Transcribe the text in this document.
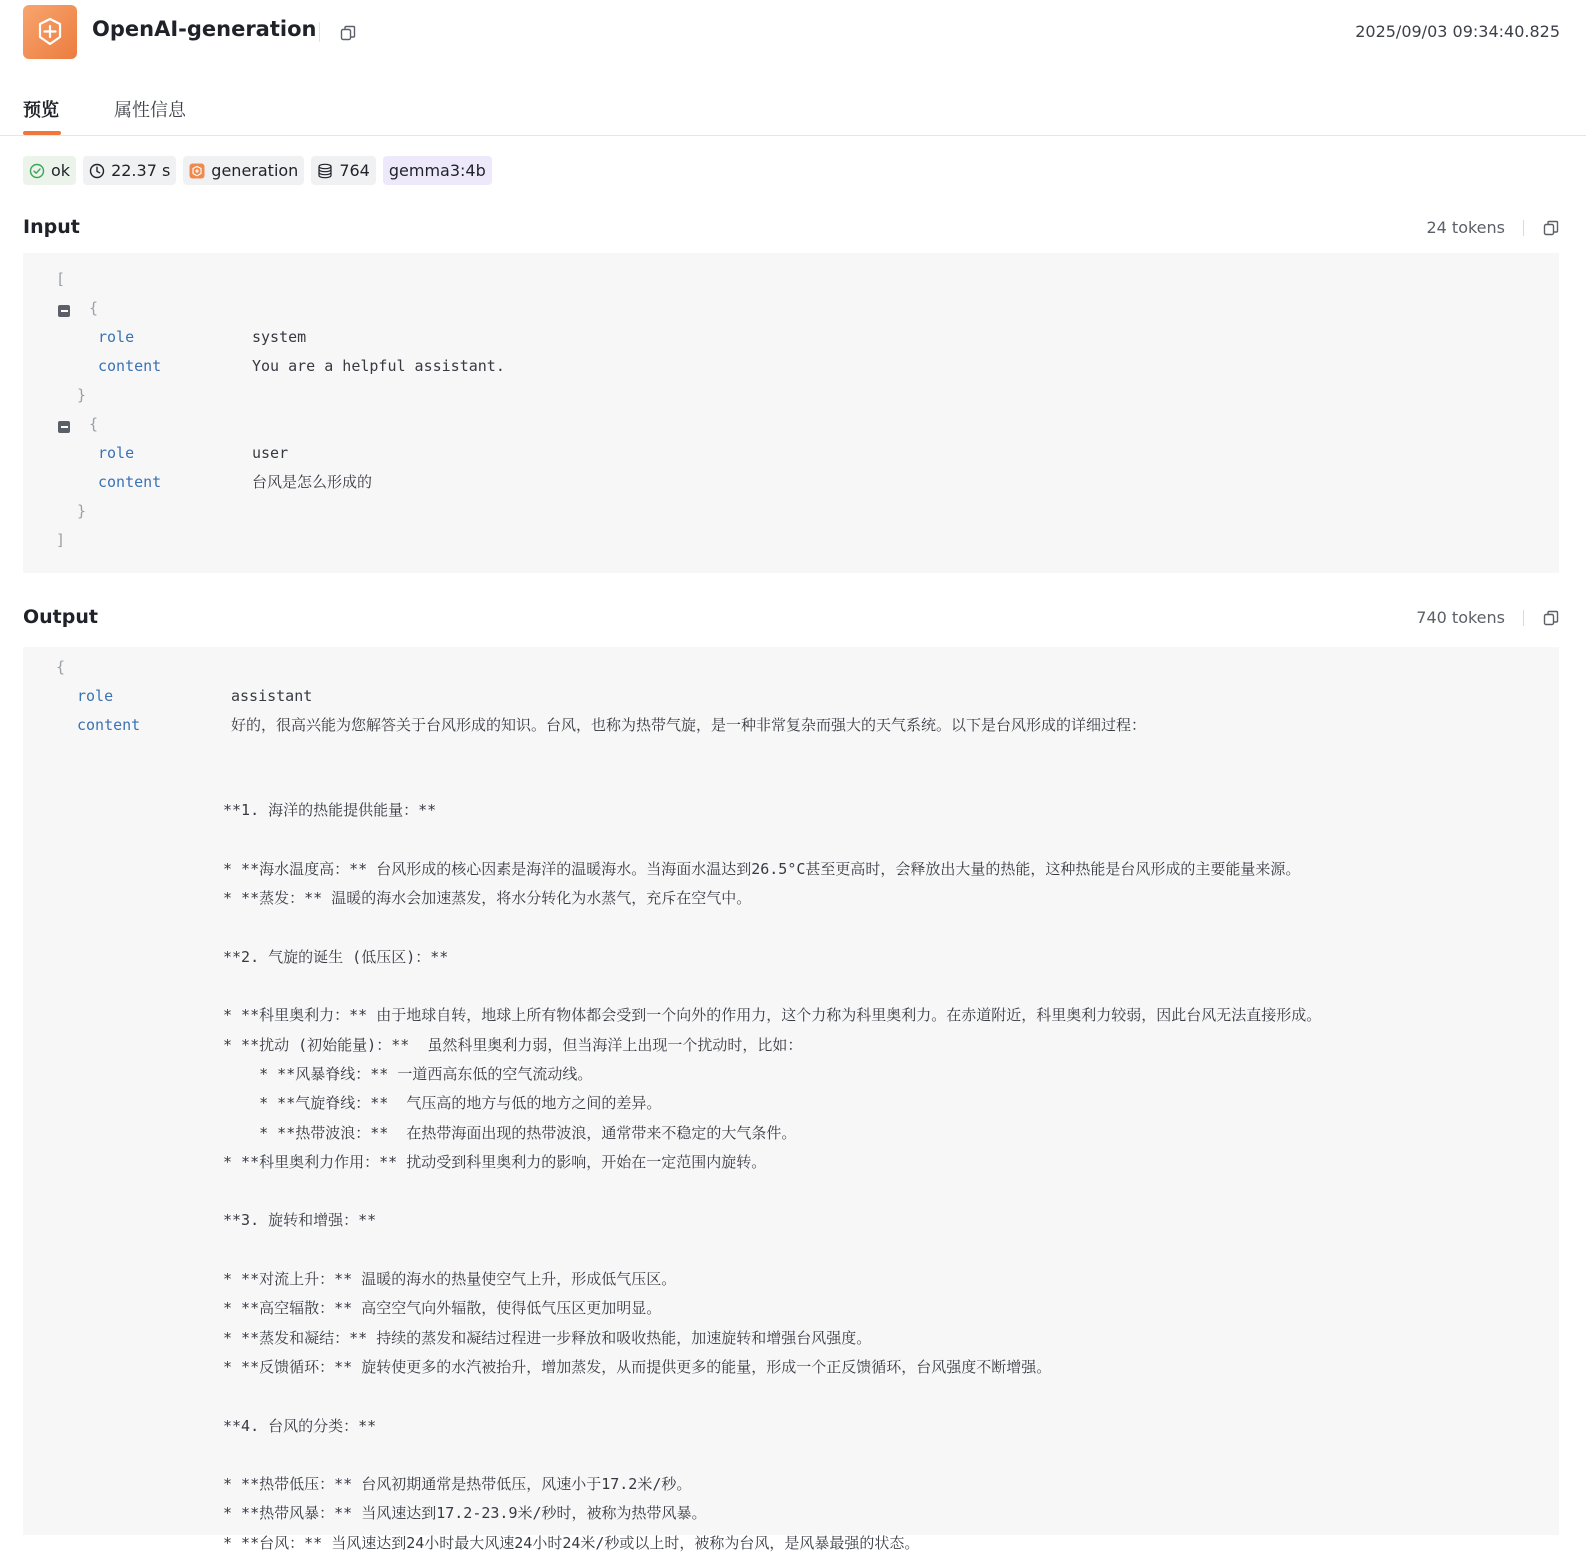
OpenAI-generation	2025/09/03 09:34:40.825
预览	属性信息
ok	22.37 s	generation	764 gemma3:4b
Input	24 tokens
[
{
role	system
content	You are a helpful assistant.
}
{
role	user
content	台风是怎么形成的
}
]
Output	740 tokens
{
role	assistant
content	好的，很高兴能为您解答关于台风形成的知识。台风，也称为热带气旋，是一种非常复杂而强大的天气系统。以下是台风形成的详细过程：
**1. 海洋的热能提供能量：**
* **海水温度高：** 台风形成的核心因素是海洋的温暖海水。当海面水温达到26.5°C甚至更高时，会释放出大量的热能，这种热能是台风形成的主要能量来源。
* **蒸发：** 温暖的海水会加速蒸发，将水分转化为水蒸气，充斥在空气中。
**2. 气旋的诞生 (低压区)：**
* **科里奥利力：** 由于地球自转，地球上所有物体都会受到一个向外的作用力，这个力称为科里奥利力。在赤道附近，科里奥利力较弱，因此台风无法直接形成。
* **扰动 (初始能量)：**  虽然科里奥利力弱，但当海洋上出现一个扰动时，比如：
* **风暴脊线：** 一道西高东低的空气流动线。
* **气旋脊线：**  气压高的地方与低的地方之间的差异。
* **热带波浪：**  在热带海面出现的热带波浪，通常带来不稳定的大气条件。
* **科里奥利力作用：** 扰动受到科里奥利力的影响，开始在一定范围内旋转。
**3. 旋转和增强：**
* **对流上升：** 温暖的海水的热量使空气上升，形成低气压区。
* **高空辐散：** 高空空气向外辐散，使得低气压区更加明显。
* **蒸发和凝结：** 持续的蒸发和凝结过程进一步释放和吸收热能，加速旋转和增强台风强度。
* **反馈循环：** 旋转使更多的水汽被抬升，增加蒸发，从而提供更多的能量，形成一个正反馈循环，台风强度不断增强。
**4. 台风的分类：**
* **热带低压：** 台风初期通常是热带低压，风速小于17.2米/秒。
* **热带风暴：** 当风速达到17.2-23.9米/秒时，被称为热带风暴。
* **台风：** 当风速达到24小时最大风速24小时24米/秒或以上时，被称为台风，是风暴最强的状态。
